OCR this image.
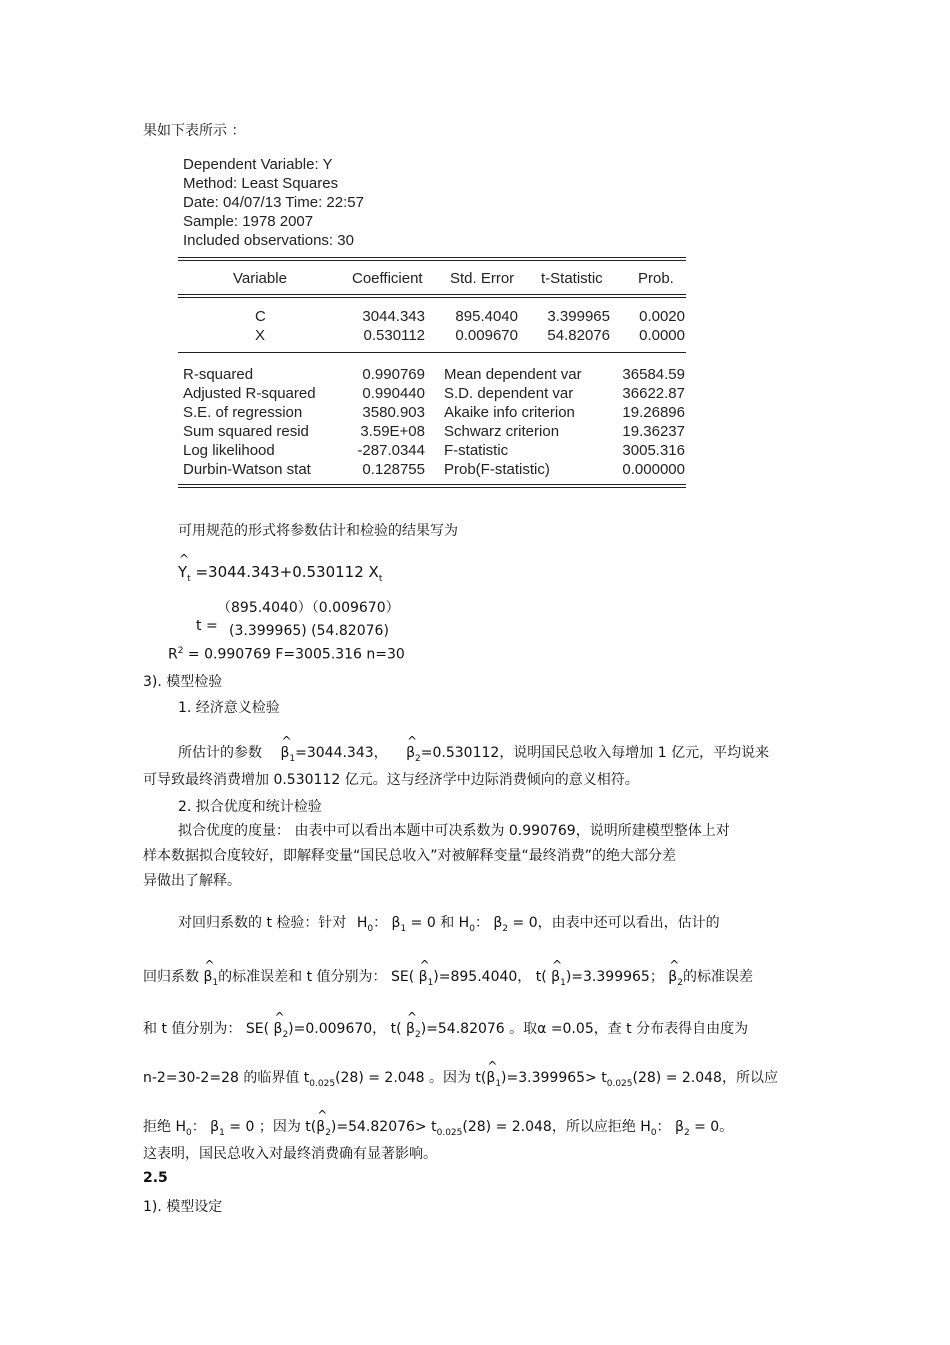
果如下表所示 ：
Dependent Variable: Y
Method: Least Squares
Date: 04/07/13 Time: 22:57
Sample: 1978 2007
Included observations: 30
Variable	Coefficient Std. Error t-Statistic Prob.
C	3044.343	895.4040	3.399965	0.0020
X	0.530112	0.009670	54.82076	0.0000
R-squared	0.990769 Mean dependent var	36584.59
Adjusted R-squared	0.990440 S.D. dependent var	36622.87
S.E. of regression	3580.903 Akaike info criterion	19.26896
Sum squared resid	3.59E+08 Schwarz criterion	19.36237
Log likelihood	-287.0344 F-statistic	3005.316
Durbin-Watson stat	0.128755 Prob(F-statistic)	0.000000
可用规范的形式将参数估计和检验的结果写为
^ $Y_t =3044.343+0.530112$ $X_t$
（895.4040）（0.009670）
t = (3.399965) (54.82076)
$R^2 = 0.990769$ F=3005.316 n=30
3). 模型检验
1. 经济意义检验
所估计的参数 ^ $\beta_1=3044.343$， ^ $\beta_2=0.530112$，说明国民总收入每增加 1 亿元，平均说来
可导致最终消费增加 0.530112 亿元。这与经济学中边际消费倾向的意义相符。
2. 拟合优度和统计检验
拟合优度的度量： 由表中可以看出本题中可决系数为 0.990769，说明所建模型整体上对
样本数据拟合度较好，即解释变量“国民总收入”对被解释变量“最终消费”的绝大部分差
异做出了解释。
对回归系数的 t 检验：针对 $H_0$： $\beta_1 = 0$ 和 $H_0$： $\beta_2 = 0$，由表中还可以看出，估计的
回归系数 ^ $\beta_1$的标准误差和 t 值分别为： SE( ^ $\beta_1)=895.4040$， t( ^ $\beta_1)=3.399965$； ^ $\beta_2$的标准误差
和 t 值分别为： SE( ^ $\beta_2)=0.009670$， t( ^ $\beta_2)=54.82076$ 。取α =0.05，查 t 分布表得自由度为
n-2=30-2=28 的临界值 $t_{0.025}(28) = 2.048$ 。因为 t(^ $\beta_1)=3.399965> t_{0.025}(28) = 2.048$，所以应
拒绝 $H_0$： $\beta_1 = 0$ ；因为 t(^ $\beta_2)=54.82076> t_{0.025}(28) = 2.048$，所以应拒绝 $H_0$： $\beta_2 = 0$。
这表明，国民总收入对最终消费确有显著影响。
2.5
1). 模型设定
